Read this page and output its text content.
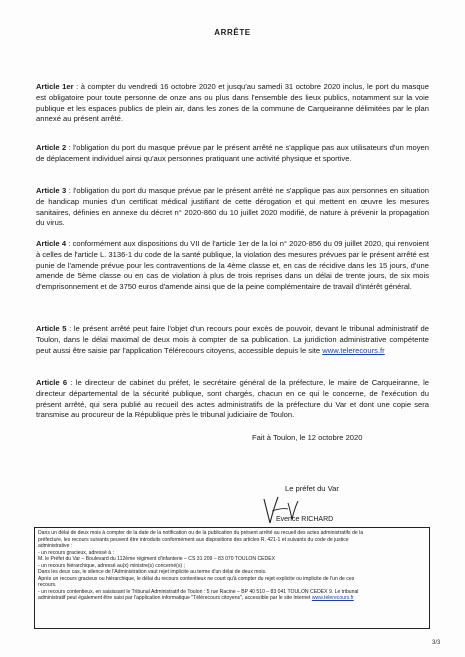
ARRÊTE
Article 1er : à compter du vendredi 16 octobre 2020 et jusqu'au samedi 31 octobre 2020 inclus, le port du masque est obligatoire pour toute personne de onze ans ou plus dans l'ensemble des lieux publics, notamment sur la voie publique et les espaces publics de plein air, dans les zones de la commune de Carqueiranne délimitées par le plan annexé au présent arrêté.
Article 2 : l'obligation du port du masque prévue par le présent arrêté ne s'applique pas aux utilisateurs d'un moyen de déplacement individuel ainsi qu'aux personnes pratiquant une activité physique et sportive.
Article 3 : l'obligation du port du masque prévue par le présent arrêté ne s'applique pas aux personnes en situation de handicap munies d'un certificat médical justifiant de cette dérogation et qui mettent en œuvre les mesures sanitaires, définies en annexe du décret n° 2020-860 du 10 juillet 2020 modifié, de nature à prévenir la propagation du virus.
Article 4 : conformément aux dispositions du VII de l'article 1er de la loi n° 2020-856 du 09 juillet 2020, qui renvoient à celles de l'article L. 3136-1 du code de la santé publique, la violation des mesures prévues par le présent arrêté est punie de l'amende prévue pour les contraventions de la 4ème classe et, en cas de récidive dans les 15 jours, d'une amende de 5ème classe ou en cas de violation à plus de trois reprises dans un délai de trente jours, de six mois d'emprisonnement et de 3750 euros d'amende ainsi que de la peine complémentaire de travail d'intérêt général.
Article 5 : le présent arrêté peut faire l'objet d'un recours pour excès de pouvoir, devant le tribunal administratif de Toulon, dans le délai maximal de deux mois à compter de sa publication. La juridiction administrative compétente peut aussi être saisie par l'application Télérecours citoyens, accessible depuis le site www.telerecours.fr
Article 6 : le directeur de cabinet du préfet, le secrétaire général de la préfecture, le maire de Carqueiranne, le directeur départemental de la sécurité publique, sont chargés, chacun en ce qui le concerne, de l'exécution du présent arrêté, qui sera publié au recueil des actes administratifs de la préfecture du Var et dont une copie sera transmise au procureur de la République près le tribunal judiciaire de Toulon.
Fait à Toulon, le 12 octobre 2020
Le préfet du Var
Evence RICHARD
Dans un délai de deux mois à compter de la date de la notification ou de la publication du présent arrêté au recueil des actes administratifs de la
préfecture, les recours suivants peuvent être introduits conformément aux dispositions des articles R. 421-1 et suivants du code de justice
administrative :
- un recours gracieux, adressé à :
M. le Préfet du Var – Boulevard du 112ème régiment d'infanterie – CS 31 209 – 83 070 TOULON CEDEX
- un recours hiérarchique, adressé au(x) ministre(s) concerné(s) ;
Dans les deux cas, le silence de l'Administration vaut rejet implicite au terme d'un délai de deux mois.
Après un recours gracieux ou hiérarchique, le délai du recours contentieux ne court qu'à compter du rejet explicite ou implicite de l'un de ces
recours.
- un recours contentieux, en saisissant le Tribunal Administratif de Toulon : 5 rue Racine – BP 40 510 – 83 041 TOULON CEDEX 9. Le tribunal
administratif peut également être saisi par l'application informatique "Télérecours citoyens", accessible par le site internet www.telerecours.fr
3/3
